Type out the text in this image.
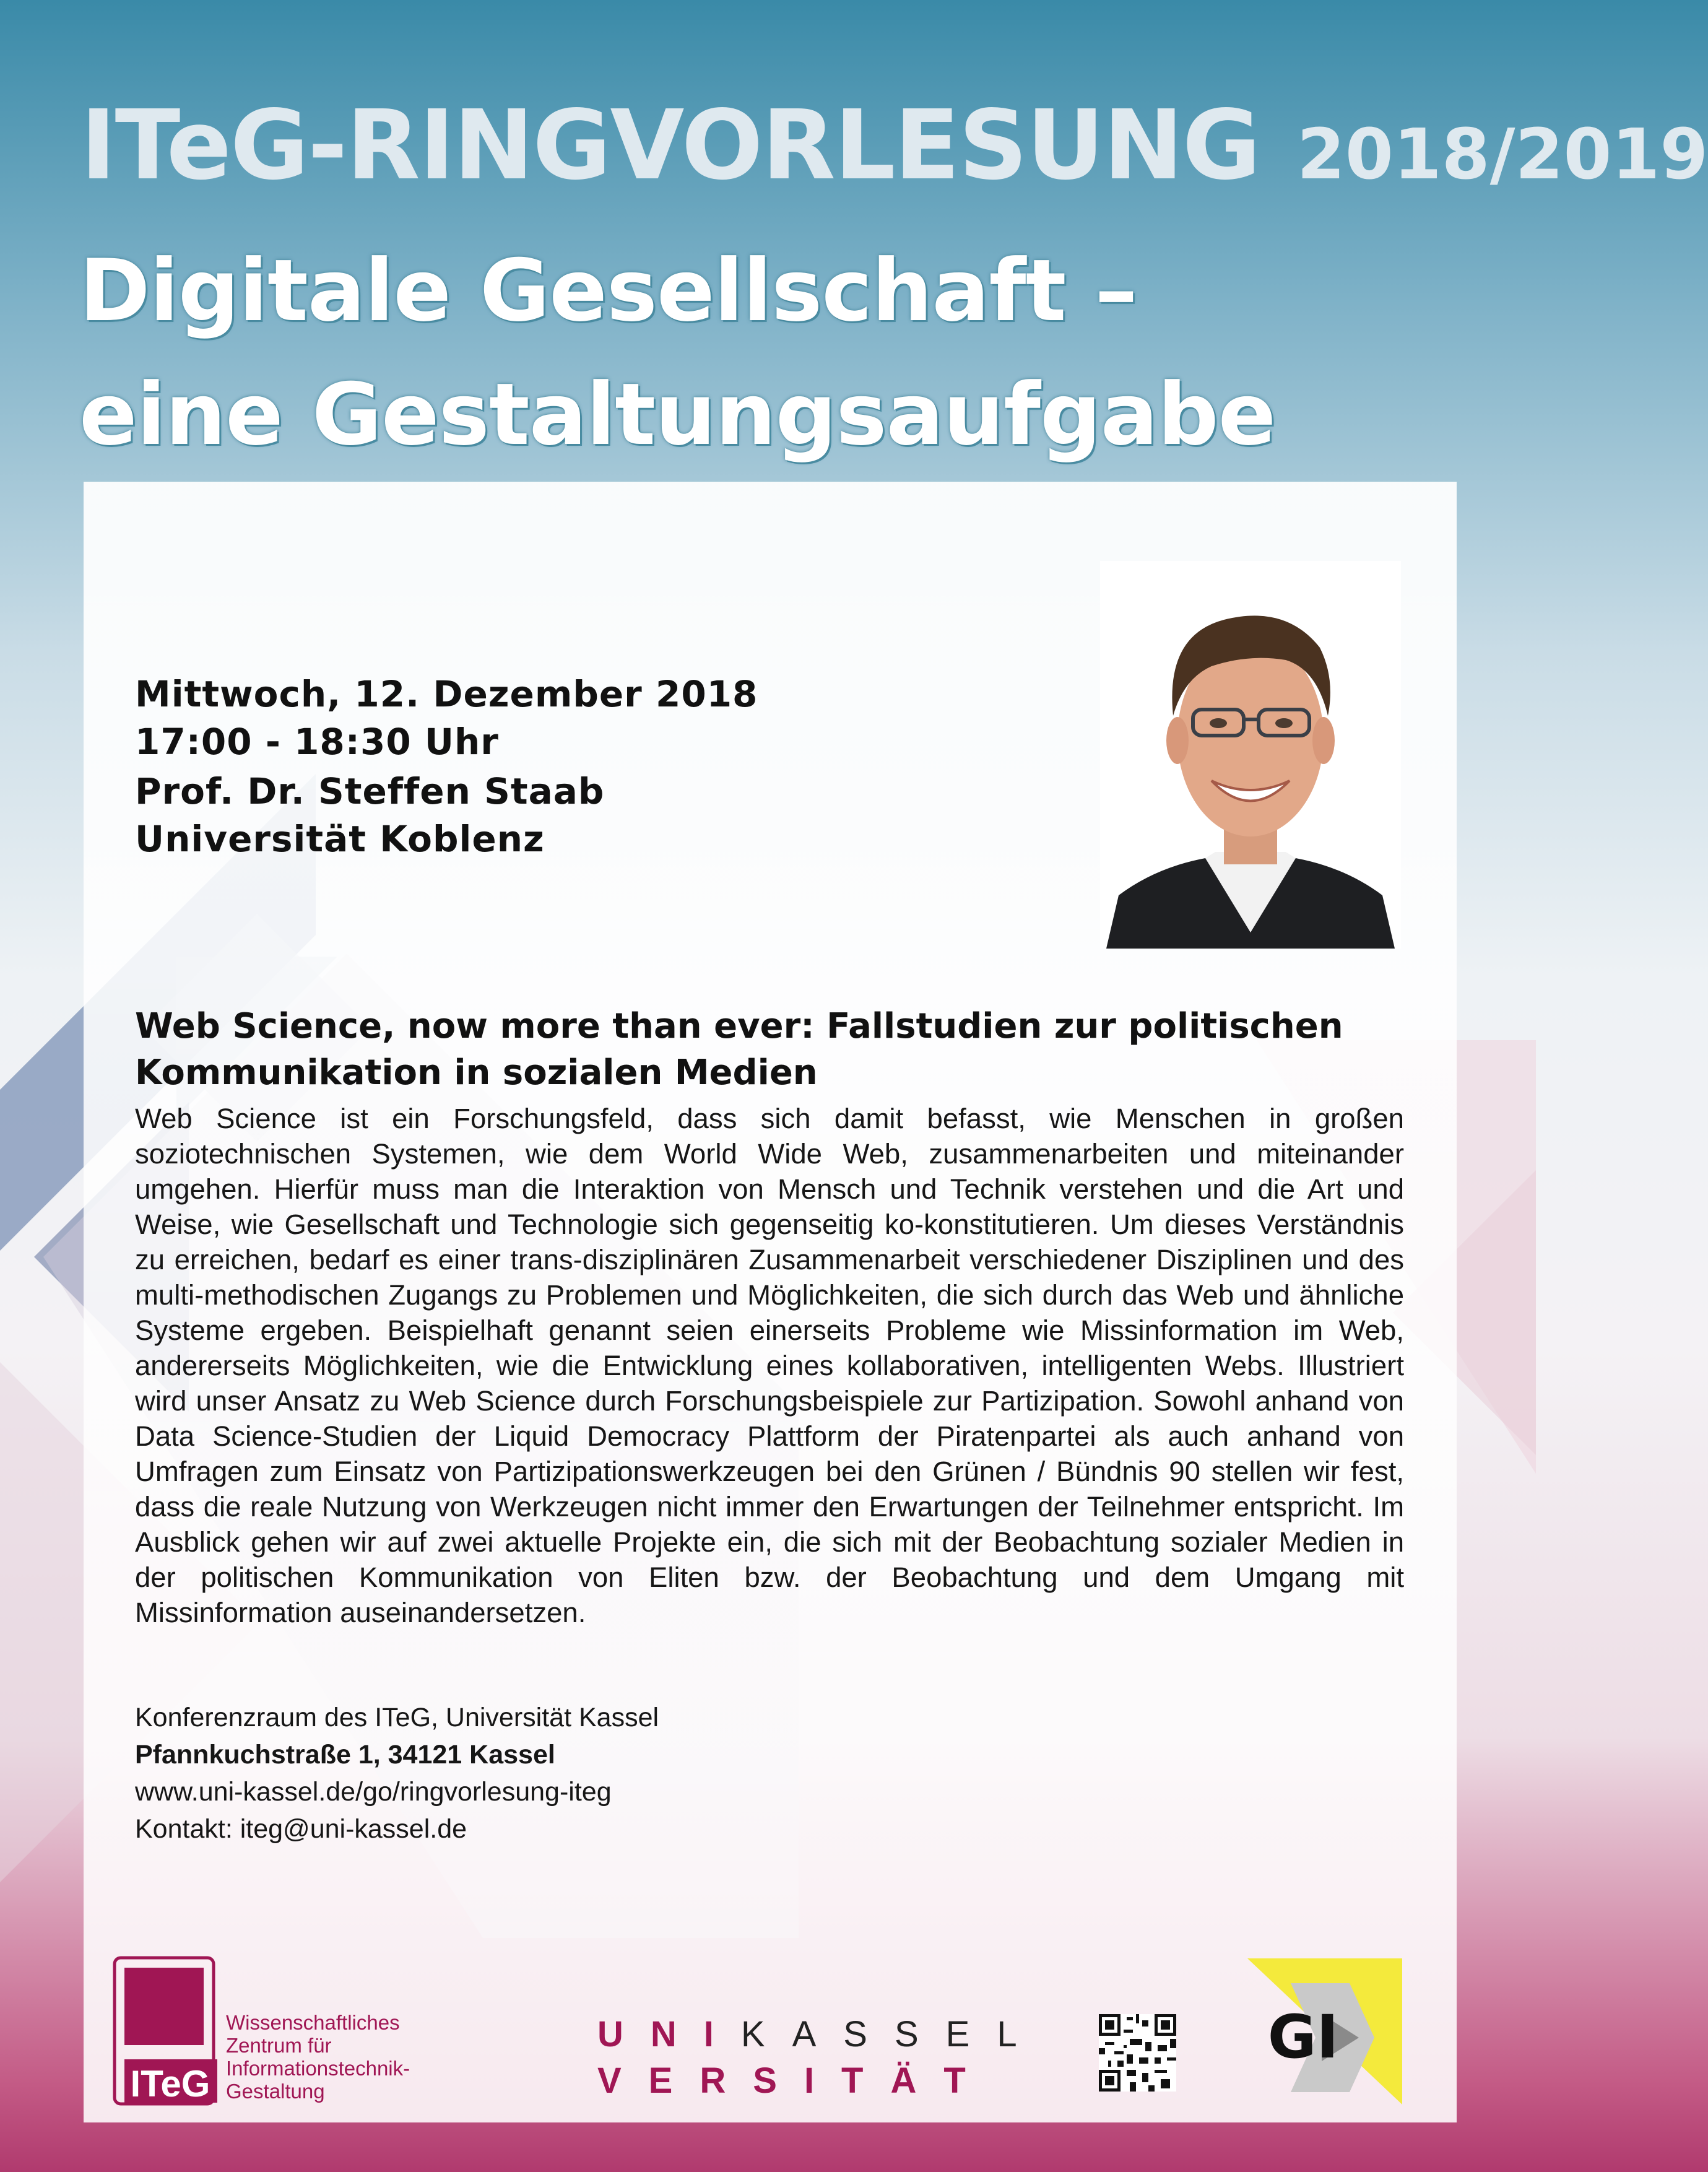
ITeG-RINGVORLESUNG 2018/2019
Digitale Gesellschaft –
eine Gestaltungsaufgabe
Mittwoch, 12. Dezember 2018
17:00 - 18:30 Uhr
Prof. Dr. Steffen Staab
Universität Koblenz
Web Science, now more than ever: Fallstudien zur politischen
Kommunikation in sozialen Medien
Web Science ist ein Forschungsfeld, dass sich damit befasst, wie Menschen in großen soziotechnischen Systemen, wie dem World Wide Web, zusammenarbeiten und miteinander umgehen. Hierfür muss man die Interaktion von Mensch und Technik verstehen und die Art und Weise, wie Gesellschaft und Technologie sich gegenseitig ko-konstitutieren. Um dieses Verständnis zu erreichen, bedarf es einer trans-disziplinären Zusammenarbeit verschiedener Disziplinen und des multi-methodischen Zugangs zu Problemen und Möglichkeiten, die sich durch das Web und ähnliche Systeme ergeben. Beispielhaft genannt seien einerseits Probleme wie Missinformation im Web, andererseits Möglichkeiten, wie die Entwicklung eines kollaborativen, intelligenten Webs. Illustriert wird unser Ansatz zu Web Science durch Forschungsbeispiele zur Partizipation. Sowohl anhand von Data Science-Studien der Liquid Democracy Plattform der Piratenpartei als auch anhand von Umfragen zum Einsatz von Partizipationswerkzeugen bei den Grünen / Bündnis 90 stellen wir fest, dass die reale Nutzung von Werkzeugen nicht immer den Erwartungen der Teilnehmer entspricht. Im Ausblick gehen wir auf zwei aktuelle Projekte ein, die sich mit der Beobachtung sozialer Medien in der politischen Kommunikation von Eliten bzw. der Beobachtung und dem Umgang mit Missinformation auseinandersetzen.
Konferenzraum des ITeG, Universität Kassel
Pfannkuchstraße 1, 34121 Kassel
www.uni-kassel.de/go/ringvorlesung-iteg
Kontakt: iteg@uni-kassel.de
ITeG
Wissenschaftliches
Zentrum für
Informationstechnik-
Gestaltung
UNIKASSEL
VERSITÄT
GI
